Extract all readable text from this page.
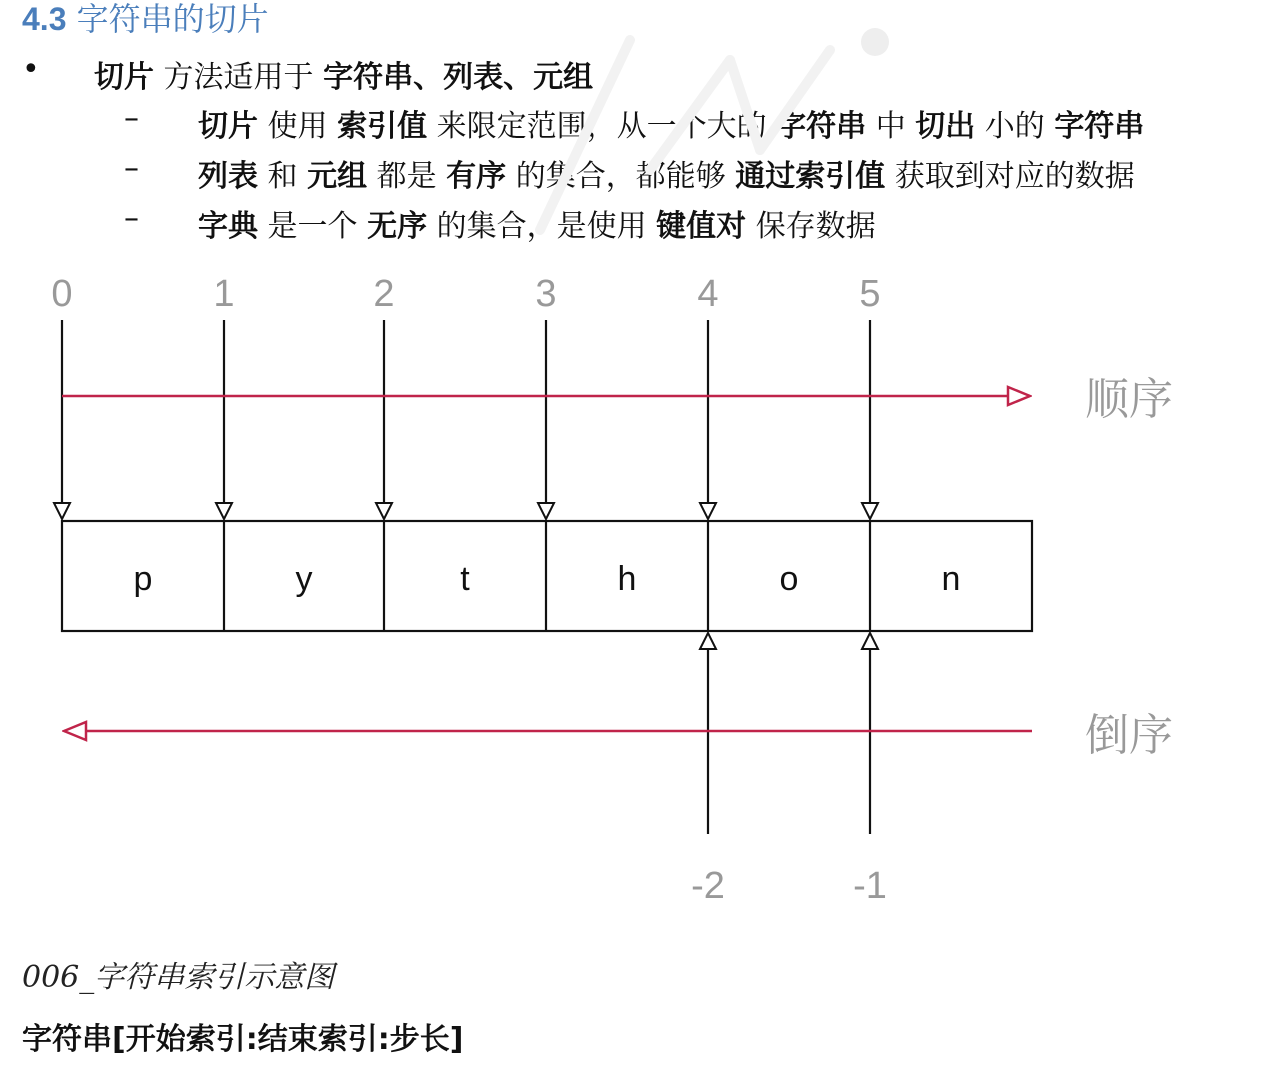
4.3 字符串的切片
• 切片 方法适用于 字符串、列表、元组
–	切片 使用 索引值 来限定范围，从一个大的 字符串 中 切出 小的 字符串
–	列表 和 元组 都是 有序 的集合，都能够 通过索引值 获取到对应的数据
–	字典 是一个 无序 的集合，是使用 键值对 保存数据
0	1	2	3	4	5
p	y	t	h	o	n
-2	-1
顺序
倒序
006_字符串索引示意图
字符串[开始索引:结束索引:步长]
